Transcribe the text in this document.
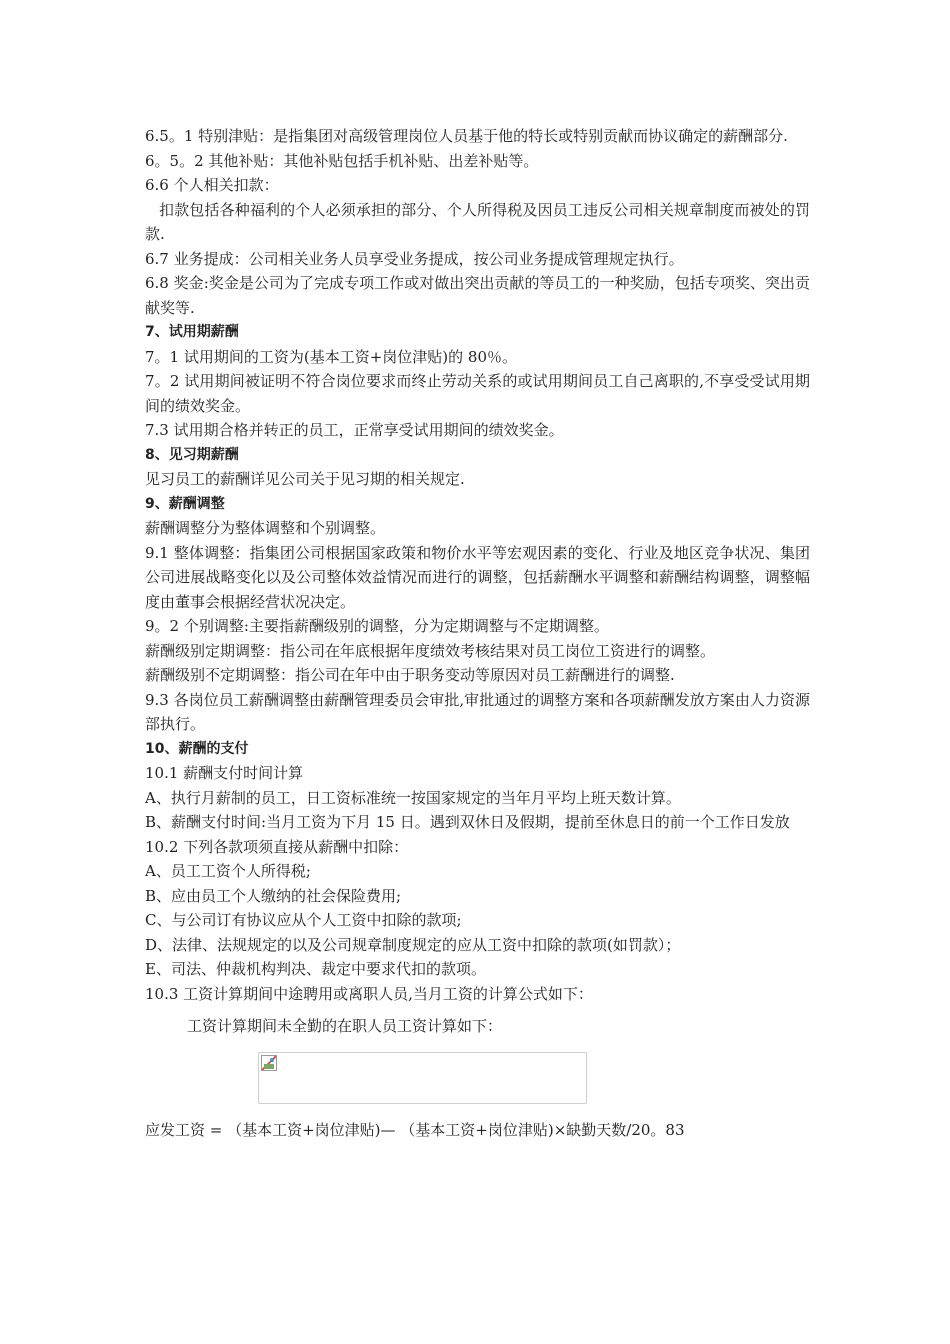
6.5。1 特别津贴：是指集团对高级管理岗位人员基于他的特长或特别贡献而协议确定的薪酬部分.

6。5。2 其他补贴：其他补贴包括手机补贴、出差补贴等。

6.6 个人相关扣款：

扣款包括各种福利的个人必须承担的部分、个人所得税及因员工违反公司相关规章制度而被处的罚款.

6.7 业务提成：公司相关业务人员享受业务提成，按公司业务提成管理规定执行。

6.8 奖金:奖金是公司为了完成专项工作或对做出突出贡献的等员工的一种奖励，包括专项奖、突出贡献奖等.

7、试用期薪酬

7。1 试用期间的工资为(基本工资+岗位津贴)的 80％。

7。2 试用期间被证明不符合岗位要求而终止劳动关系的或试用期间员工自己离职的,不享受受试用期间的绩效奖金。

7.3 试用期合格并转正的员工，正常享受试用期间的绩效奖金。

8、见习期薪酬

见习员工的薪酬详见公司关于见习期的相关规定.

9、薪酬调整

薪酬调整分为整体调整和个别调整。

9.1 整体调整：指集团公司根据国家政策和物价水平等宏观因素的变化、行业及地区竞争状况、集团公司进展战略变化以及公司整体效益情况而进行的调整，包括薪酬水平调整和薪酬结构调整，调整幅度由董事会根据经营状况决定。

9。2 个别调整:主要指薪酬级别的调整，分为定期调整与不定期调整。

薪酬级别定期调整：指公司在年底根据年度绩效考核结果对员工岗位工资进行的调整。

薪酬级别不定期调整：指公司在年中由于职务变动等原因对员工薪酬进行的调整.

9.3 各岗位员工薪酬调整由薪酬管理委员会审批,审批通过的调整方案和各项薪酬发放方案由人力资源部执行。

10、薪酬的支付

10.1 薪酬支付时间计算

A、执行月薪制的员工，日工资标准统一按国家规定的当年月平均上班天数计算。

B、薪酬支付时间:当月工资为下月 15 日。遇到双休日及假期，提前至休息日的前一个工作日发放

10.2 下列各款项须直接从薪酬中扣除：

A、员工工资个人所得税;

B、应由员工个人缴纳的社会保险费用;

C、与公司订有协议应从个人工资中扣除的款项;

D、法律、法规规定的以及公司规章制度规定的应从工资中扣除的款项(如罚款）；

E、司法、仲裁机构判决、裁定中要求代扣的款项。

10.3 工资计算期间中途聘用或离职人员,当月工资的计算公式如下：

工资计算期间未全勤的在职人员工资计算如下：

应发工资 = （基本工资+岗位津贴)— （基本工资+岗位津贴)×缺勤天数/20。83
